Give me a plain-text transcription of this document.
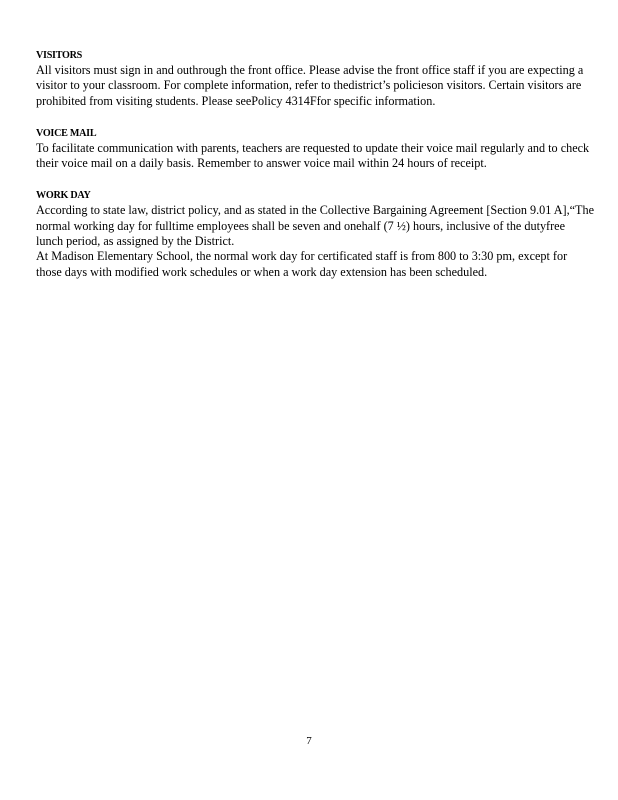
VISITORS

All visitors must sign in and outhrough the front office. Please advise the front office staff if you are expecting a visitor to your classroom. For complete information, refer to thedistrict’s policieson visitors. Certain visitors are prohibited from visiting students. Please seePolicy 4314Ffor specific information.

VOICE MAIL

To facilitate communication with parents, teachers are requested to update their voice mail regularly and to check their voice mail on a daily basis. Remember to answer voice mail within 24 hours of receipt.

WORK DAY

According to state law, district policy, and as stated in the Collective Bargaining Agreement [Section 9.01 A],“The normal working day for fulltime employees shall be seven and onehalf (7 ½) hours, inclusive of the dutyfree lunch period, as assigned by the District.

At Madison Elementary School, the normal work day for certificated staff is from 800 to 3:30 pm, except for those days with modified work schedules or when a work day extension has been scheduled.

7
